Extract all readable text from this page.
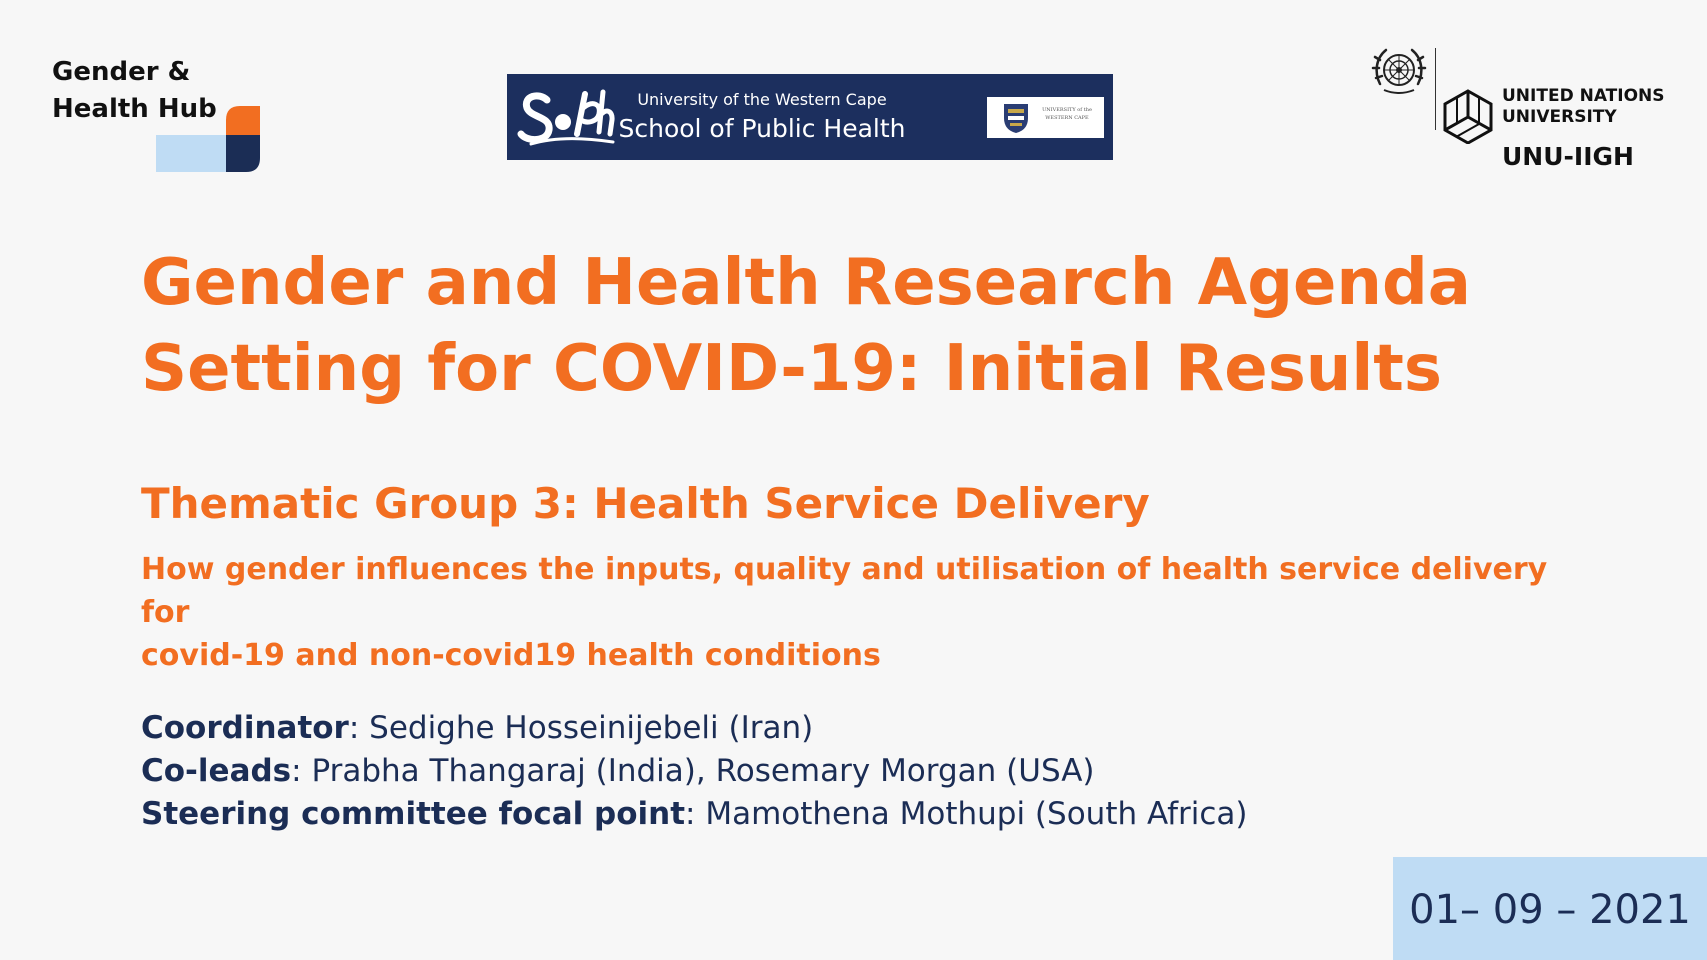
Gender &
Health Hub	University of the Western Cape
School of Public Health
UNIVERSITY of the WESTERN CAPE
UNITED NATIONS
UNIVERSITY
UNU-IIGH
Gender and Health Research Agenda
Setting for COVID-19: Initial Results
Thematic Group 3: Health Service Delivery

How gender influences the inputs, quality and utilisation of health service delivery for
covid-19 and non-covid19 health conditions

Coordinator: Sedighe Hosseinijebeli (Iran)
Co-leads: Prabha Thangaraj (India), Rosemary Morgan (USA)
Steering committee focal point: Mamothena Mothupi (South Africa)
01– 09 – 2021
